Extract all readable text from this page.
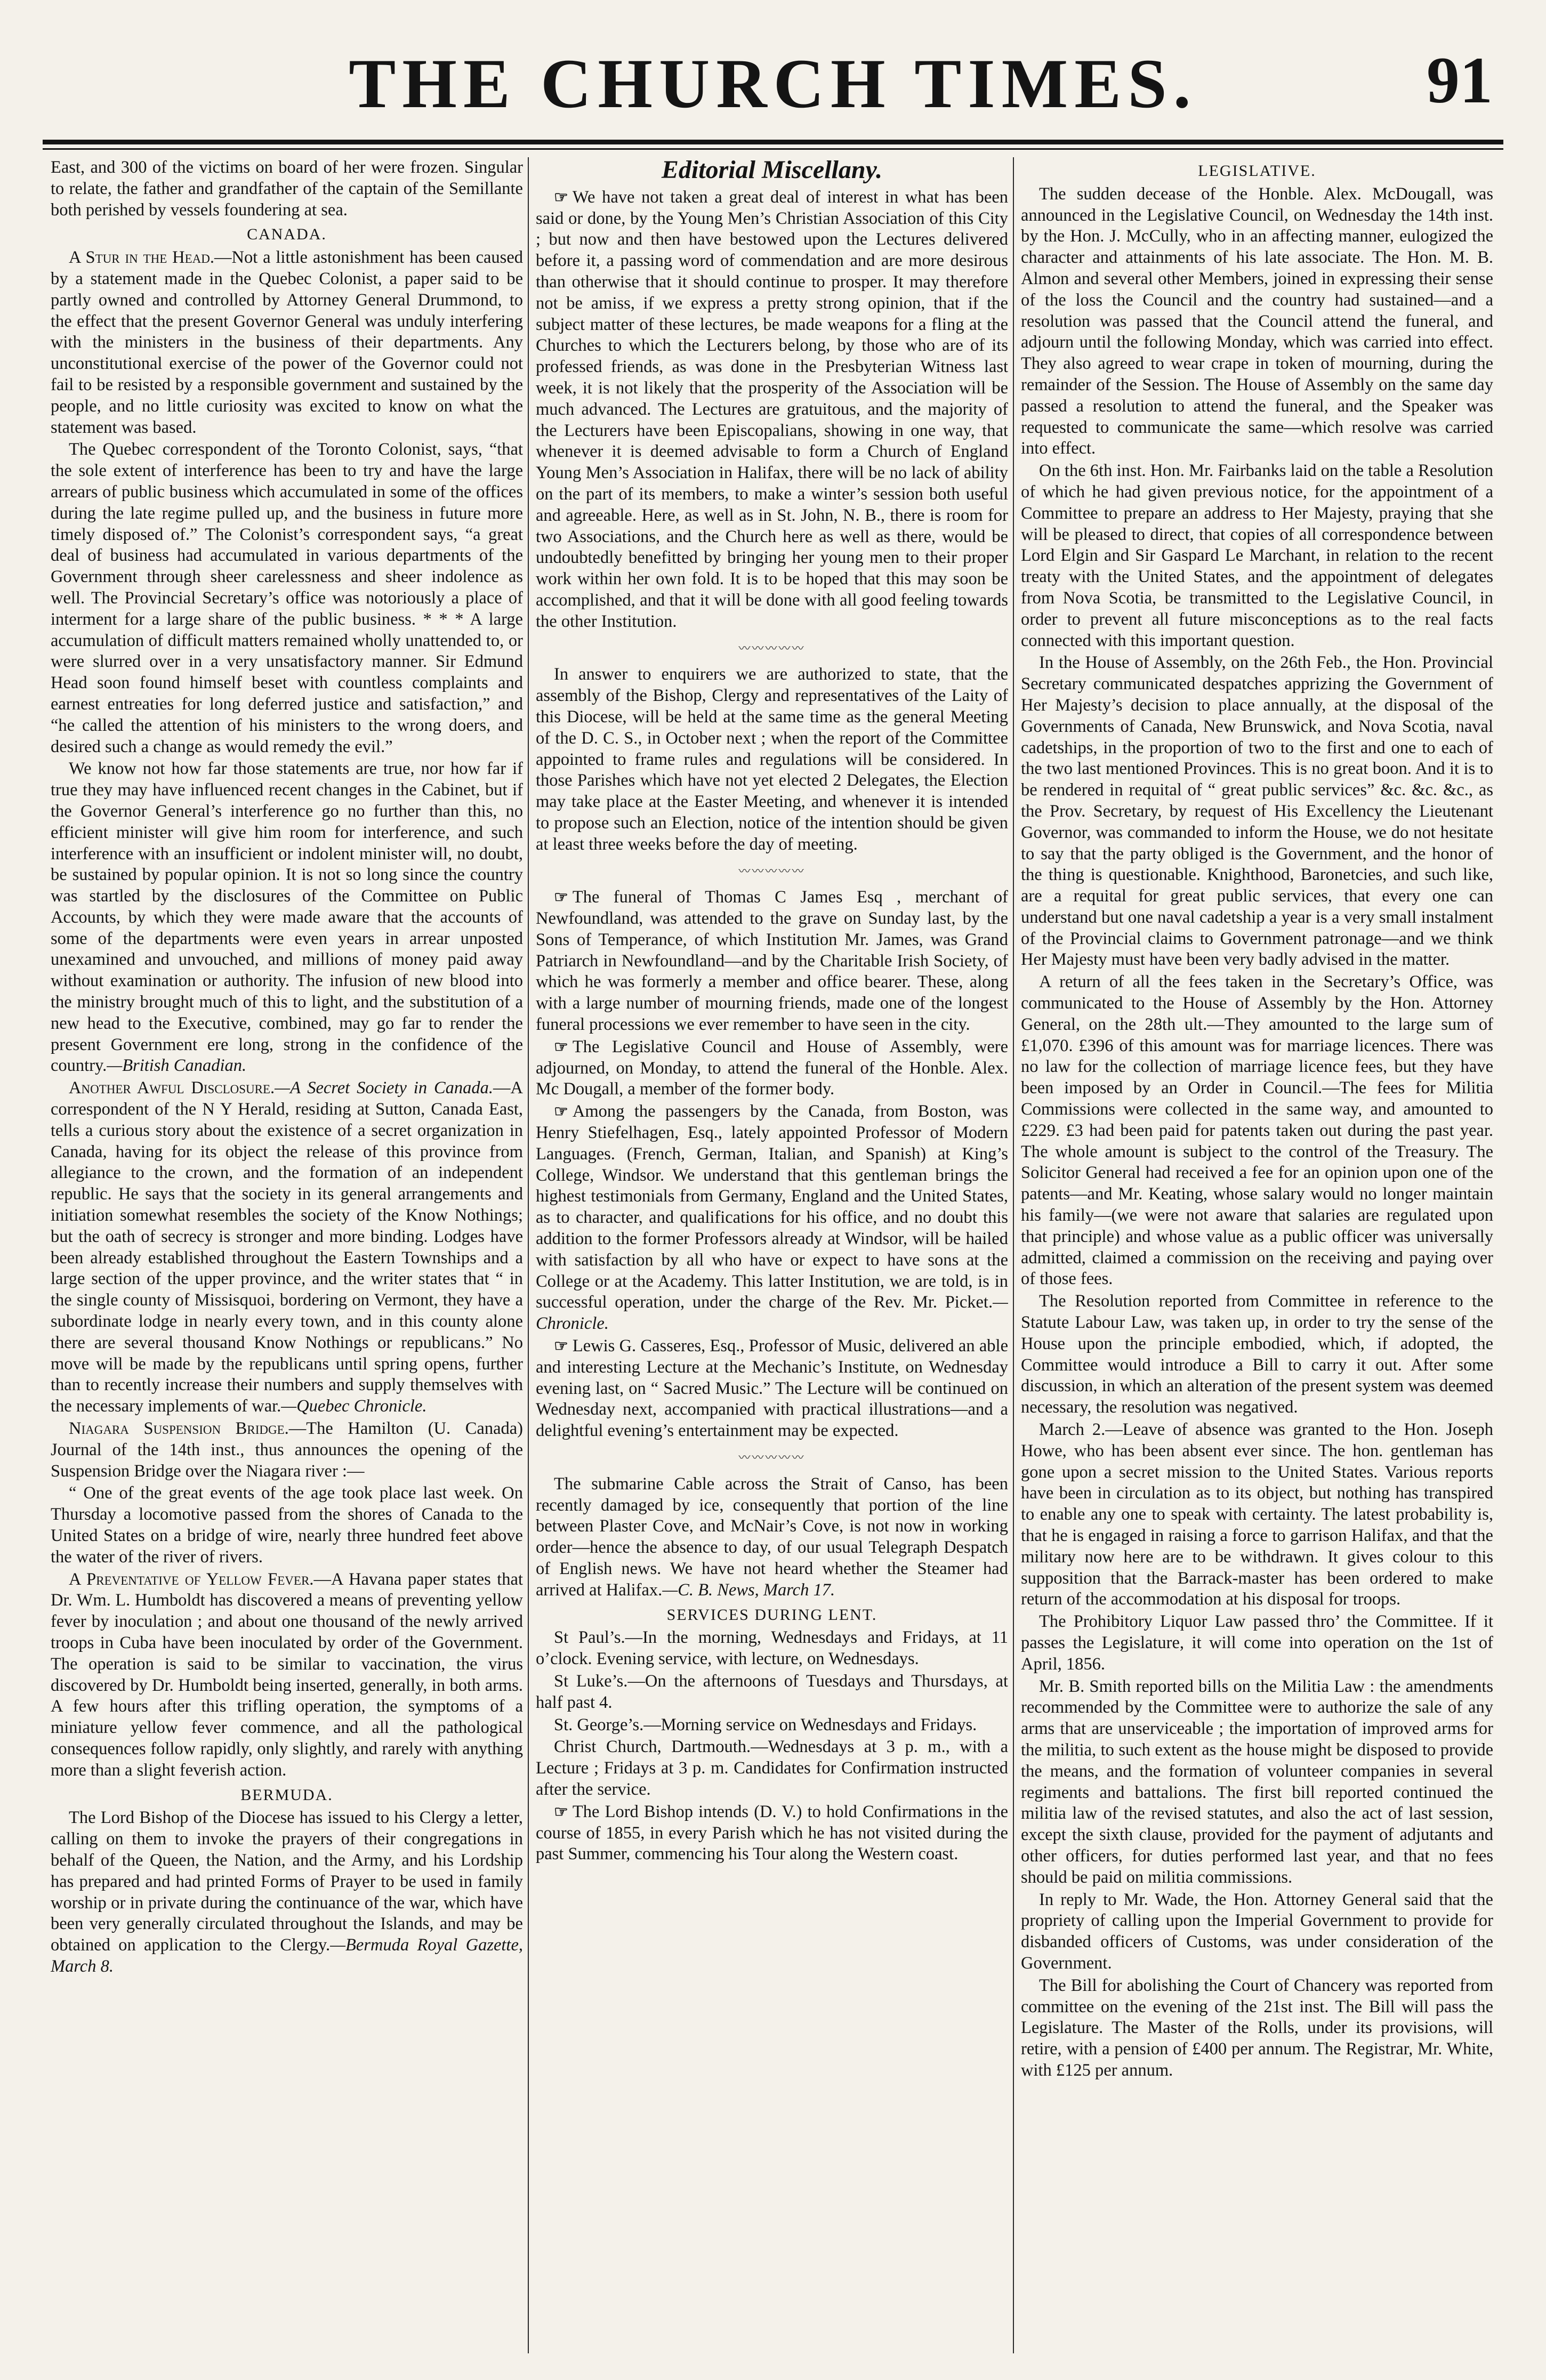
THE CHURCH TIMES.	91

East, and 300 of the victims on board of her were frozen. Singular to relate, the father and grandfather of the captain of the Semillante both perished by vessels foundering at sea.

CANADA.

A Stur in the Head.—Not a little astonishment has been caused by a statement made in the Quebec Colonist, a paper said to be partly owned and controlled by Attorney General Drummond, to the effect that the present Governor General was unduly interfering with the ministers in the business of their departments. Any unconstitutional exercise of the power of the Governor could not fail to be resisted by a responsible government and sustained by the people, and no little curiosity was excited to know on what the statement was based.

The Quebec correspondent of the Toronto Colonist, says, “that the sole extent of interference has been to try and have the large arrears of public business which accumulated in some of the offices during the late regime pulled up, and the business in future more timely disposed of.” The Colonist’s correspondent says, “a great deal of business had accumulated in various departments of the Government through sheer carelessness and sheer indolence as well. The Provincial Secretary’s office was notoriously a place of interment for a large share of the public business. * * * A large accumulation of difficult matters remained wholly unattended to, or were slurred over in a very unsatisfactory manner. Sir Edmund Head soon found himself beset with countless complaints and earnest entreaties for long deferred justice and satisfaction,” and “he called the attention of his ministers to the wrong doers, and desired such a change as would remedy the evil.”

We know not how far those statements are true, nor how far if true they may have influenced recent changes in the Cabinet, but if the Governor General’s interference go no further than this, no efficient minister will give him room for interference, and such interference with an insufficient or indolent minister will, no doubt, be sustained by popular opinion. It is not so long since the country was startled by the disclosures of the Committee on Public Accounts, by which they were made aware that the accounts of some of the departments were even years in arrear unposted unexamined and unvouched, and millions of money paid away without examination or authority. The infusion of new blood into the ministry brought much of this to light, and the substitution of a new head to the Executive, combined, may go far to render the present Government ere long, strong in the confidence of the country.—British Canadian.

Another Awful Disclosure.—A Secret Society in Canada.—A correspondent of the N Y Herald, residing at Sutton, Canada East, tells a curious story about the existence of a secret organization in Canada, having for its object the release of this province from allegiance to the crown, and the formation of an independent republic. He says that the society in its general arrangements and initiation somewhat resembles the society of the Know Nothings; but the oath of secrecy is stronger and more binding. Lodges have been already established throughout the Eastern Townships and a large section of the upper province, and the writer states that “ in the single county of Missisquoi, bordering on Vermont, they have a subordinate lodge in nearly every town, and in this county alone there are several thousand Know Nothings or republicans.” No move will be made by the republicans until spring opens, further than to recently increase their numbers and supply themselves with the necessary implements of war.—Quebec Chronicle.

Niagara Suspension Bridge.—The Hamilton (U. Canada) Journal of the 14th inst., thus announces the opening of the Suspension Bridge over the Niagara river :—

“ One of the great events of the age took place last week. On Thursday a locomotive passed from the shores of Canada to the United States on a bridge of wire, nearly three hundred feet above the water of the river of rivers.

A Preventative of Yellow Fever.—A Havana paper states that Dr. Wm. L. Humboldt has discovered a means of preventing yellow fever by inoculation ; and about one thousand of the newly arrived troops in Cuba have been inoculated by order of the Government. The operation is said to be similar to vaccination, the virus discovered by Dr. Humboldt being inserted, generally, in both arms. A few hours after this trifling operation, the symptoms of a miniature yellow fever commence, and all the pathological consequences follow rapidly, only slightly, and rarely with anything more than a slight feverish action.

BERMUDA.

The Lord Bishop of the Diocese has issued to his Clergy a letter, calling on them to invoke the prayers of their congregations in behalf of the Queen, the Nation, and the Army, and his Lordship has prepared and had printed Forms of Prayer to be used in family worship or in private during the continuance of the war, which have been very generally circulated throughout the Islands, and may be obtained on application to the Clergy.—Bermuda Royal Gazette, March 8.

Editorial Miscellany.

☞ We have not taken a great deal of interest in what has been said or done, by the Young Men’s Christian Association of this City ; but now and then have bestowed upon the Lectures delivered before it, a passing word of commendation and are more desirous than otherwise that it should continue to prosper. It may therefore not be amiss, if we express a pretty strong opinion, that if the subject matter of these lectures, be made weapons for a fling at the Churches to which the Lecturers belong, by those who are of its professed friends, as was done in the Presbyterian Witness last week, it is not likely that the prosperity of the Association will be much advanced. The Lectures are gratuitous, and the majority of the Lecturers have been Episcopalians, showing in one way, that whenever it is deemed advisable to form a Church of England Young Men’s Association in Halifax, there will be no lack of ability on the part of its members, to make a winter’s session both useful and agreeable. Here, as well as in St. John, N. B., there is room for two Associations, and the Church here as well as there, would be undoubtedly benefitted by bringing her young men to their proper work within her own fold. It is to be hoped that this may soon be accomplished, and that it will be done with all good feeling towards the other Institution.

〰〰〰〰〰

In answer to enquirers we are authorized to state, that the assembly of the Bishop, Clergy and representatives of the Laity of this Diocese, will be held at the same time as the general Meeting of the D. C. S., in October next ; when the report of the Committee appointed to frame rules and regulations will be considered. In those Parishes which have not yet elected 2 Delegates, the Election may take place at the Easter Meeting, and whenever it is intended to propose such an Election, notice of the intention should be given at least three weeks before the day of meeting.

〰〰〰〰〰

☞ The funeral of Thomas C James Esq , merchant of Newfoundland, was attended to the grave on Sunday last, by the Sons of Temperance, of which Institution Mr. James, was Grand Patriarch in Newfoundland—and by the Charitable Irish Society, of which he was formerly a member and office bearer. These, along with a large number of mourning friends, made one of the longest funeral processions we ever remember to have seen in the city.

☞ The Legislative Council and House of Assembly, were adjourned, on Monday, to attend the funeral of the Honble. Alex. Mc Dougall, a member of the former body.

☞ Among the passengers by the Canada, from Boston, was Henry Stiefelhagen, Esq., lately appointed Professor of Modern Languages. (French, German, Italian, and Spanish) at King’s College, Windsor. We understand that this gentleman brings the highest testimonials from Germany, England and the United States, as to character, and qualifications for his office, and no doubt this addition to the former Professors already at Windsor, will be hailed with satisfaction by all who have or expect to have sons at the College or at the Academy. This latter Institution, we are told, is in successful operation, under the charge of the Rev. Mr. Picket.—Chronicle.

☞ Lewis G. Casseres, Esq., Professor of Music, delivered an able and interesting Lecture at the Mechanic’s Institute, on Wednesday evening last, on “ Sacred Music.” The Lecture will be continued on Wednesday next, accompanied with practical illustrations—and a delightful evening’s entertainment may be expected.

〰〰〰〰〰

The submarine Cable across the Strait of Canso, has been recently damaged by ice, consequently that portion of the line between Plaster Cove, and McNair’s Cove, is not now in working order—hence the absence to day, of our usual Telegraph Despatch of English news. We have not heard whether the Steamer had arrived at Halifax.—C. B. News, March 17.

SERVICES DURING LENT.

St Paul’s.—In the morning, Wednesdays and Fridays, at 11 o’clock. Evening service, with lecture, on Wednesdays.

St Luke’s.—On the afternoons of Tuesdays and Thursdays, at half past 4.

St. George’s.—Morning service on Wednesdays and Fridays.

Christ Church, Dartmouth.—Wednesdays at 3 p. m., with a Lecture ; Fridays at 3 p. m. Candidates for Confirmation instructed after the service.

☞ The Lord Bishop intends (D. V.) to hold Confirmations in the course of 1855, in every Parish which he has not visited during the past Summer, commencing his Tour along the Western coast.

LEGISLATIVE.

The sudden decease of the Honble. Alex. McDougall, was announced in the Legislative Council, on Wednesday the 14th inst. by the Hon. J. McCully, who in an affecting manner, eulogized the character and attainments of his late associate. The Hon. M. B. Almon and several other Members, joined in expressing their sense of the loss the Council and the country had sustained—and a resolution was passed that the Council attend the funeral, and adjourn until the following Monday, which was carried into effect. They also agreed to wear crape in token of mourning, during the remainder of the Session. The House of Assembly on the same day passed a resolution to attend the funeral, and the Speaker was requested to communicate the same—which resolve was carried into effect.

On the 6th inst. Hon. Mr. Fairbanks laid on the table a Resolution of which he had given previous notice, for the appointment of a Committee to prepare an address to Her Majesty, praying that she will be pleased to direct, that copies of all correspondence between Lord Elgin and Sir Gaspard Le Marchant, in relation to the recent treaty with the United States, and the appointment of delegates from Nova Scotia, be transmitted to the Legislative Council, in order to prevent all future misconceptions as to the real facts connected with this important question.

In the House of Assembly, on the 26th Feb., the Hon. Provincial Secretary communicated despatches apprizing the Government of Her Majesty’s decision to place annually, at the disposal of the Governments of Canada, New Brunswick, and Nova Scotia, naval cadetships, in the proportion of two to the first and one to each of the two last mentioned Provinces. This is no great boon. And it is to be rendered in requital of “ great public services” &c. &c. &c., as the Prov. Secretary, by request of His Excellency the Lieutenant Governor, was commanded to inform the House, we do not hesitate to say that the party obliged is the Government, and the honor of the thing is questionable. Knighthood, Baronetcies, and such like, are a requital for great public services, that every one can understand but one naval cadetship a year is a very small instalment of the Provincial claims to Government patronage—and we think Her Majesty must have been very badly advised in the matter.

A return of all the fees taken in the Secretary’s Office, was communicated to the House of Assembly by the Hon. Attorney General, on the 28th ult.—They amounted to the large sum of £1,070. £396 of this amount was for marriage licences. There was no law for the collection of marriage licence fees, but they have been imposed by an Order in Council.—The fees for Militia Commissions were collected in the same way, and amounted to £229. £3 had been paid for patents taken out during the past year. The whole amount is subject to the control of the Treasury. The Solicitor General had received a fee for an opinion upon one of the patents—and Mr. Keating, whose salary would no longer maintain his family—(we were not aware that salaries are regulated upon that principle) and whose value as a public officer was universally admitted, claimed a commission on the receiving and paying over of those fees.

The Resolution reported from Committee in reference to the Statute Labour Law, was taken up, in order to try the sense of the House upon the principle embodied, which, if adopted, the Committee would introduce a Bill to carry it out. After some discussion, in which an alteration of the present system was deemed necessary, the resolution was negatived.

March 2.—Leave of absence was granted to the Hon. Joseph Howe, who has been absent ever since. The hon. gentleman has gone upon a secret mission to the United States. Various reports have been in circulation as to its object, but nothing has transpired to enable any one to speak with certainty. The latest probability is, that he is engaged in raising a force to garrison Halifax, and that the military now here are to be withdrawn. It gives colour to this supposition that the Barrack-master has been ordered to make return of the accommodation at his disposal for troops.

The Prohibitory Liquor Law passed thro’ the Committee. If it passes the Legislature, it will come into operation on the 1st of April, 1856.

Mr. B. Smith reported bills on the Militia Law : the amendments recommended by the Committee were to authorize the sale of any arms that are unserviceable ; the importation of improved arms for the militia, to such extent as the house might be disposed to provide the means, and the formation of volunteer companies in several regiments and battalions. The first bill reported continued the militia law of the revised statutes, and also the act of last session, except the sixth clause, provided for the payment of adjutants and other officers, for duties performed last year, and that no fees should be paid on militia commissions.

In reply to Mr. Wade, the Hon. Attorney General said that the propriety of calling upon the Imperial Government to provide for disbanded officers of Customs, was under consideration of the Government.

The Bill for abolishing the Court of Chancery was reported from committee on the evening of the 21st inst. The Bill will pass the Legislature. The Master of the Rolls, under its provisions, will retire, with a pension of £400 per annum. The Registrar, Mr. White, with £125 per annum.
